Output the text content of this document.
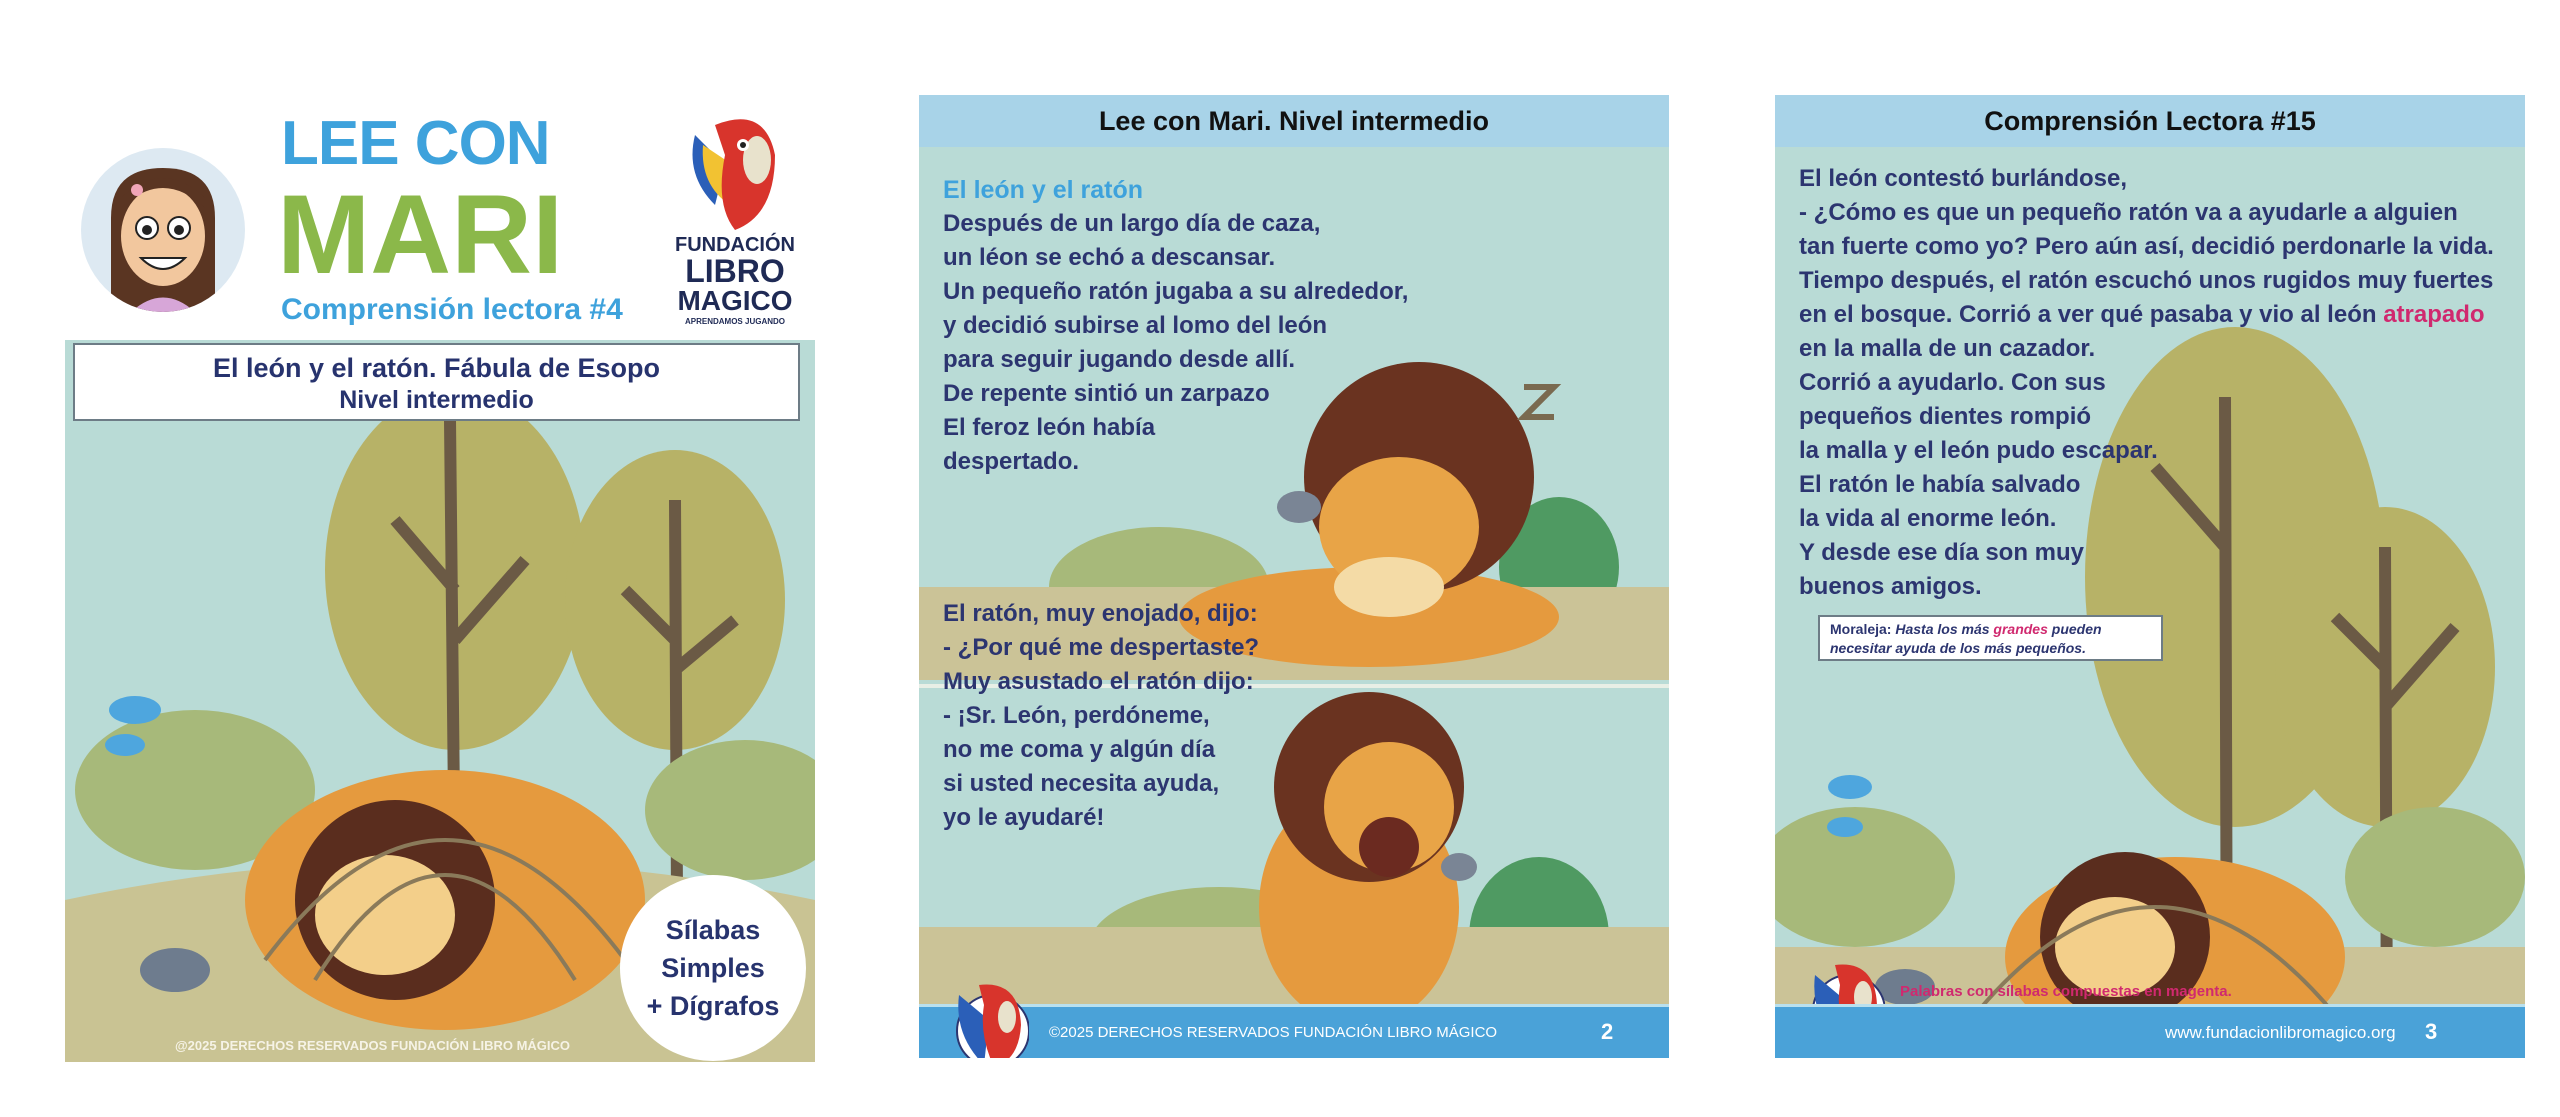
LEE CON
MARI
Comprensión lectora #4
FUNDACIÓN
LIBRO
MAGICO
APRENDAMOS JUGANDO
El león y el ratón. Fábula de Esopo
Nivel intermedio
Sílabas
Simples
+ Dígrafos
@2025 DERECHOS RESERVADOS FUNDACIÓN LIBRO MÁGICO
Lee con Mari. Nivel intermedio
El león y el ratón
Después de un largo día de caza,
un léon se echó a descansar.
Un pequeño ratón jugaba a su alrededor,
y decidió subirse al lomo del león
para seguir jugando desde allí.
De repente sintió un zarpazo
El feroz león había
despertado.
El ratón, muy enojado, dijo:
- ¿Por qué me despertaste?
Muy asustado el ratón dijo:
- ¡Sr. León, perdóneme,
no me coma y algún día
si usted necesita ayuda,
yo le ayudaré!
©2025 DERECHOS RESERVADOS FUNDACIÓN LIBRO MÁGICO	2
Comprensión Lectora #15
El león contestó burlándose,
- ¿Cómo es que un pequeño ratón va a ayudarle a alguien
tan fuerte como yo? Pero aún así, decidió perdonarle la vida.
Tiempo después, el ratón escuchó unos rugidos muy fuertes
en el bosque. Corrió a ver qué pasaba y vio al león atrapado
en la malla de un cazador.
Corrió a ayudarlo. Con sus
pequeños dientes rompió
la malla y el león pudo escapar.
El ratón le había salvado
la vida al enorme león.
Y desde ese día son muy
buenos amigos.
Moraleja: Hasta los más grandes pueden
necesitar ayuda de los más pequeños.
Palabras con sílabas compuestas en magenta.
www.fundacionlibromagico.org 3
